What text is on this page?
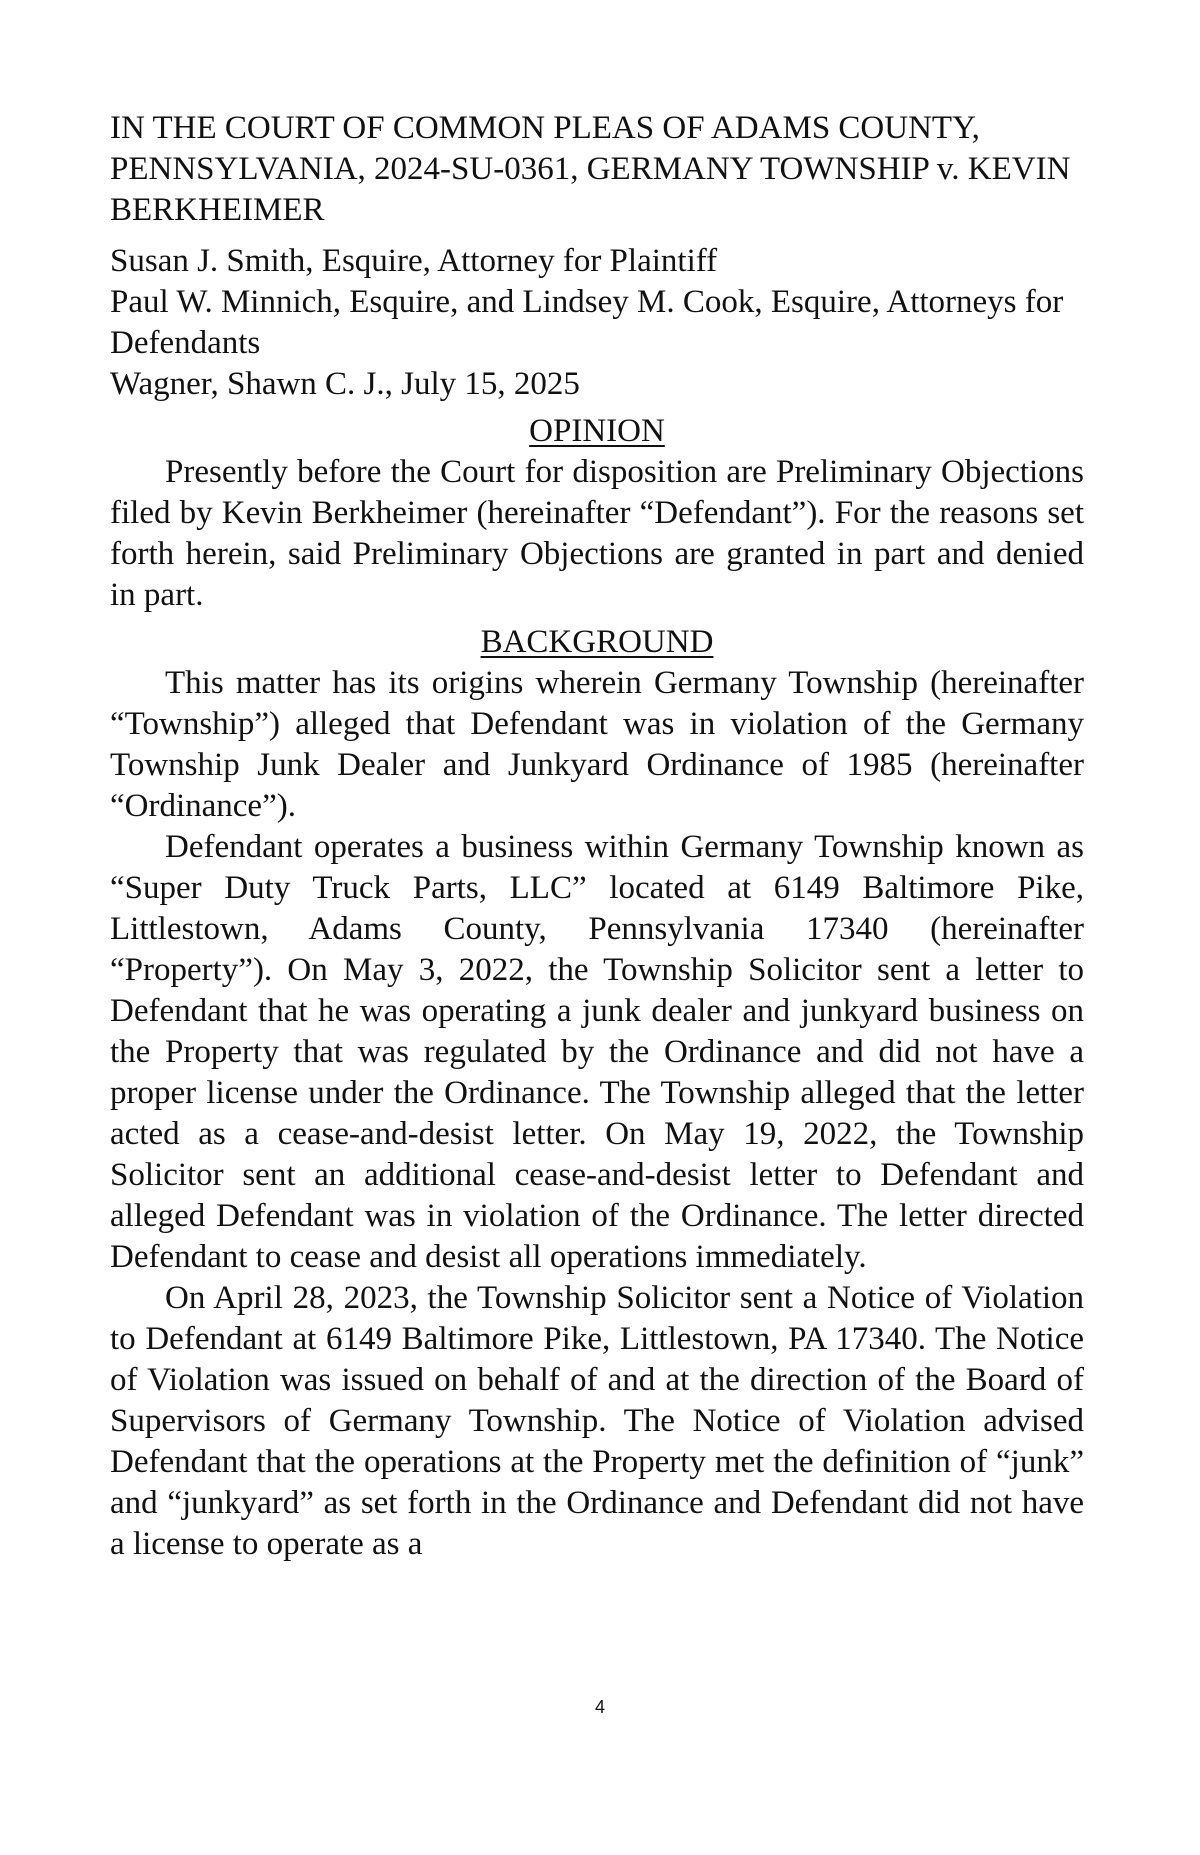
IN THE COURT OF COMMON PLEAS OF ADAMS COUNTY, PENNSYLVANIA, 2024-SU-0361, GERMANY TOWNSHIP v. KEVIN BERKHEIMER

Susan J. Smith, Esquire, Attorney for Plaintiff
Paul W. Minnich, Esquire, and Lindsey M. Cook, Esquire, Attorneys for Defendants
Wagner, Shawn C. J., July 15, 2025
OPINION

Presently before the Court for disposition are Preliminary Objections filed by Kevin Berkheimer (hereinafter “Defendant”). For the reasons set forth herein, said Preliminary Objections are granted in part and denied in part.

BACKGROUND

This matter has its origins wherein Germany Township (hereinafter “Township”) alleged that Defendant was in violation of the Germany Township Junk Dealer and Junkyard Ordinance of 1985 (hereinafter “Ordinance”).

Defendant operates a business within Germany Township known as “Super Duty Truck Parts, LLC” located at 6149 Baltimore Pike, Littlestown, Adams County, Pennsylvania 17340 (hereinafter “Property”). On May 3, 2022, the Township Solicitor sent a letter to Defendant that he was operating a junk dealer and junkyard business on the Property that was regulated by the Ordinance and did not have a proper license under the Ordinance. The Township alleged that the letter acted as a cease-and-desist letter. On May 19, 2022, the Township Solicitor sent an additional cease-and-desist letter to Defendant and alleged Defendant was in violation of the Ordinance. The letter directed Defendant to cease and desist all operations immediately.

On April 28, 2023, the Township Solicitor sent a Notice of Violation to Defendant at 6149 Baltimore Pike, Littlestown, PA 17340. The Notice of Violation was issued on behalf of and at the direction of the Board of Supervisors of Germany Township. The Notice of Violation advised Defendant that the operations at the Property met the definition of “junk” and “junkyard” as set forth in the Ordinance and Defendant did not have a license to operate as a

4
